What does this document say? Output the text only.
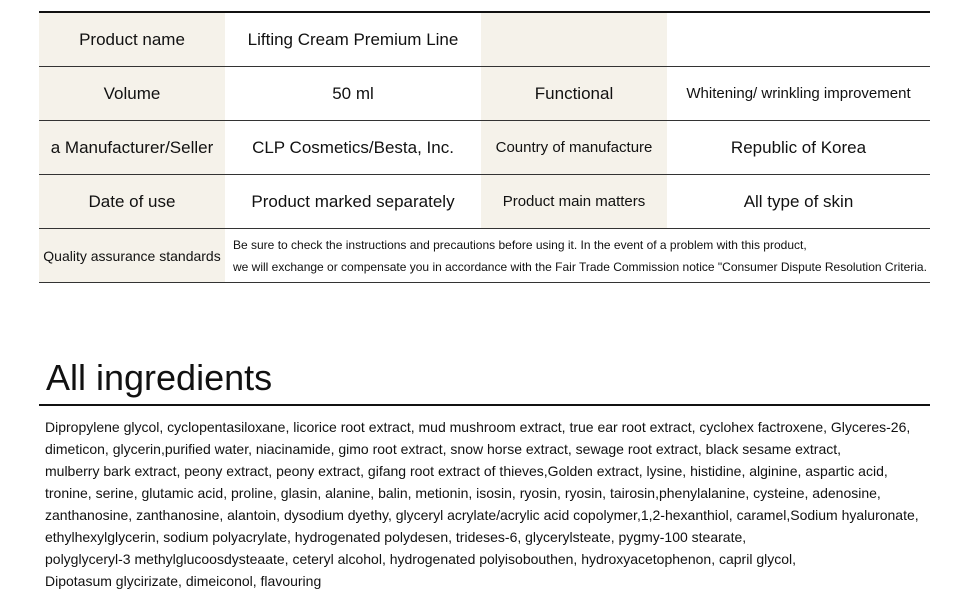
Product name	Lifting Cream Premium Line		
Volume	50 ml	Functional	Whitening/ wrinkling improvement
a Manufacturer/Seller	CLP Cosmetics/Besta, Inc.	Country of manufacture	Republic of Korea
Date of use	Product marked separately	Product main matters	All type of skin
Quality assurance standards	Be sure to check the instructions and precautions before using it. In the event of a problem with this product,
we will exchange or compensate you in accordance with the Fair Trade Commission notice "Consumer Dispute Resolution Criteria.		
All ingredients
Dipropylene glycol, cyclopentasiloxane, licorice root extract, mud mushroom extract, true ear root extract, cyclohex factroxene, Glyceres-26,
dimeticon, glycerin,purified water, niacinamide, gimo root extract, snow horse extract, sewage root extract, black sesame extract,
mulberry bark extract, peony extract, peony extract, gifang root extract of thieves,Golden extract, lysine, histidine, alginine, aspartic acid,
tronine, serine, glutamic acid, proline, glasin, alanine, balin, metionin, isosin, ryosin, ryosin, tairosin,phenylalanine, cysteine, adenosine,
zanthanosine, zanthanosine, alantoin, dysodium dyethy, glyceryl acrylate/acrylic acid copolymer,1,2-hexanthiol, caramel,Sodium hyaluronate,
ethylhexylglycerin, sodium polyacrylate, hydrogenated polydesen, trideses-6, glycerylsteate, pygmy-100 stearate,
polyglyceryl-3 methylglucoosdysteaate, ceteryl alcohol, hydrogenated polyisobouthen, hydroxyacetophenon, capril glycol,
Dipotasum glycirizate, dimeiconol, flavouring
